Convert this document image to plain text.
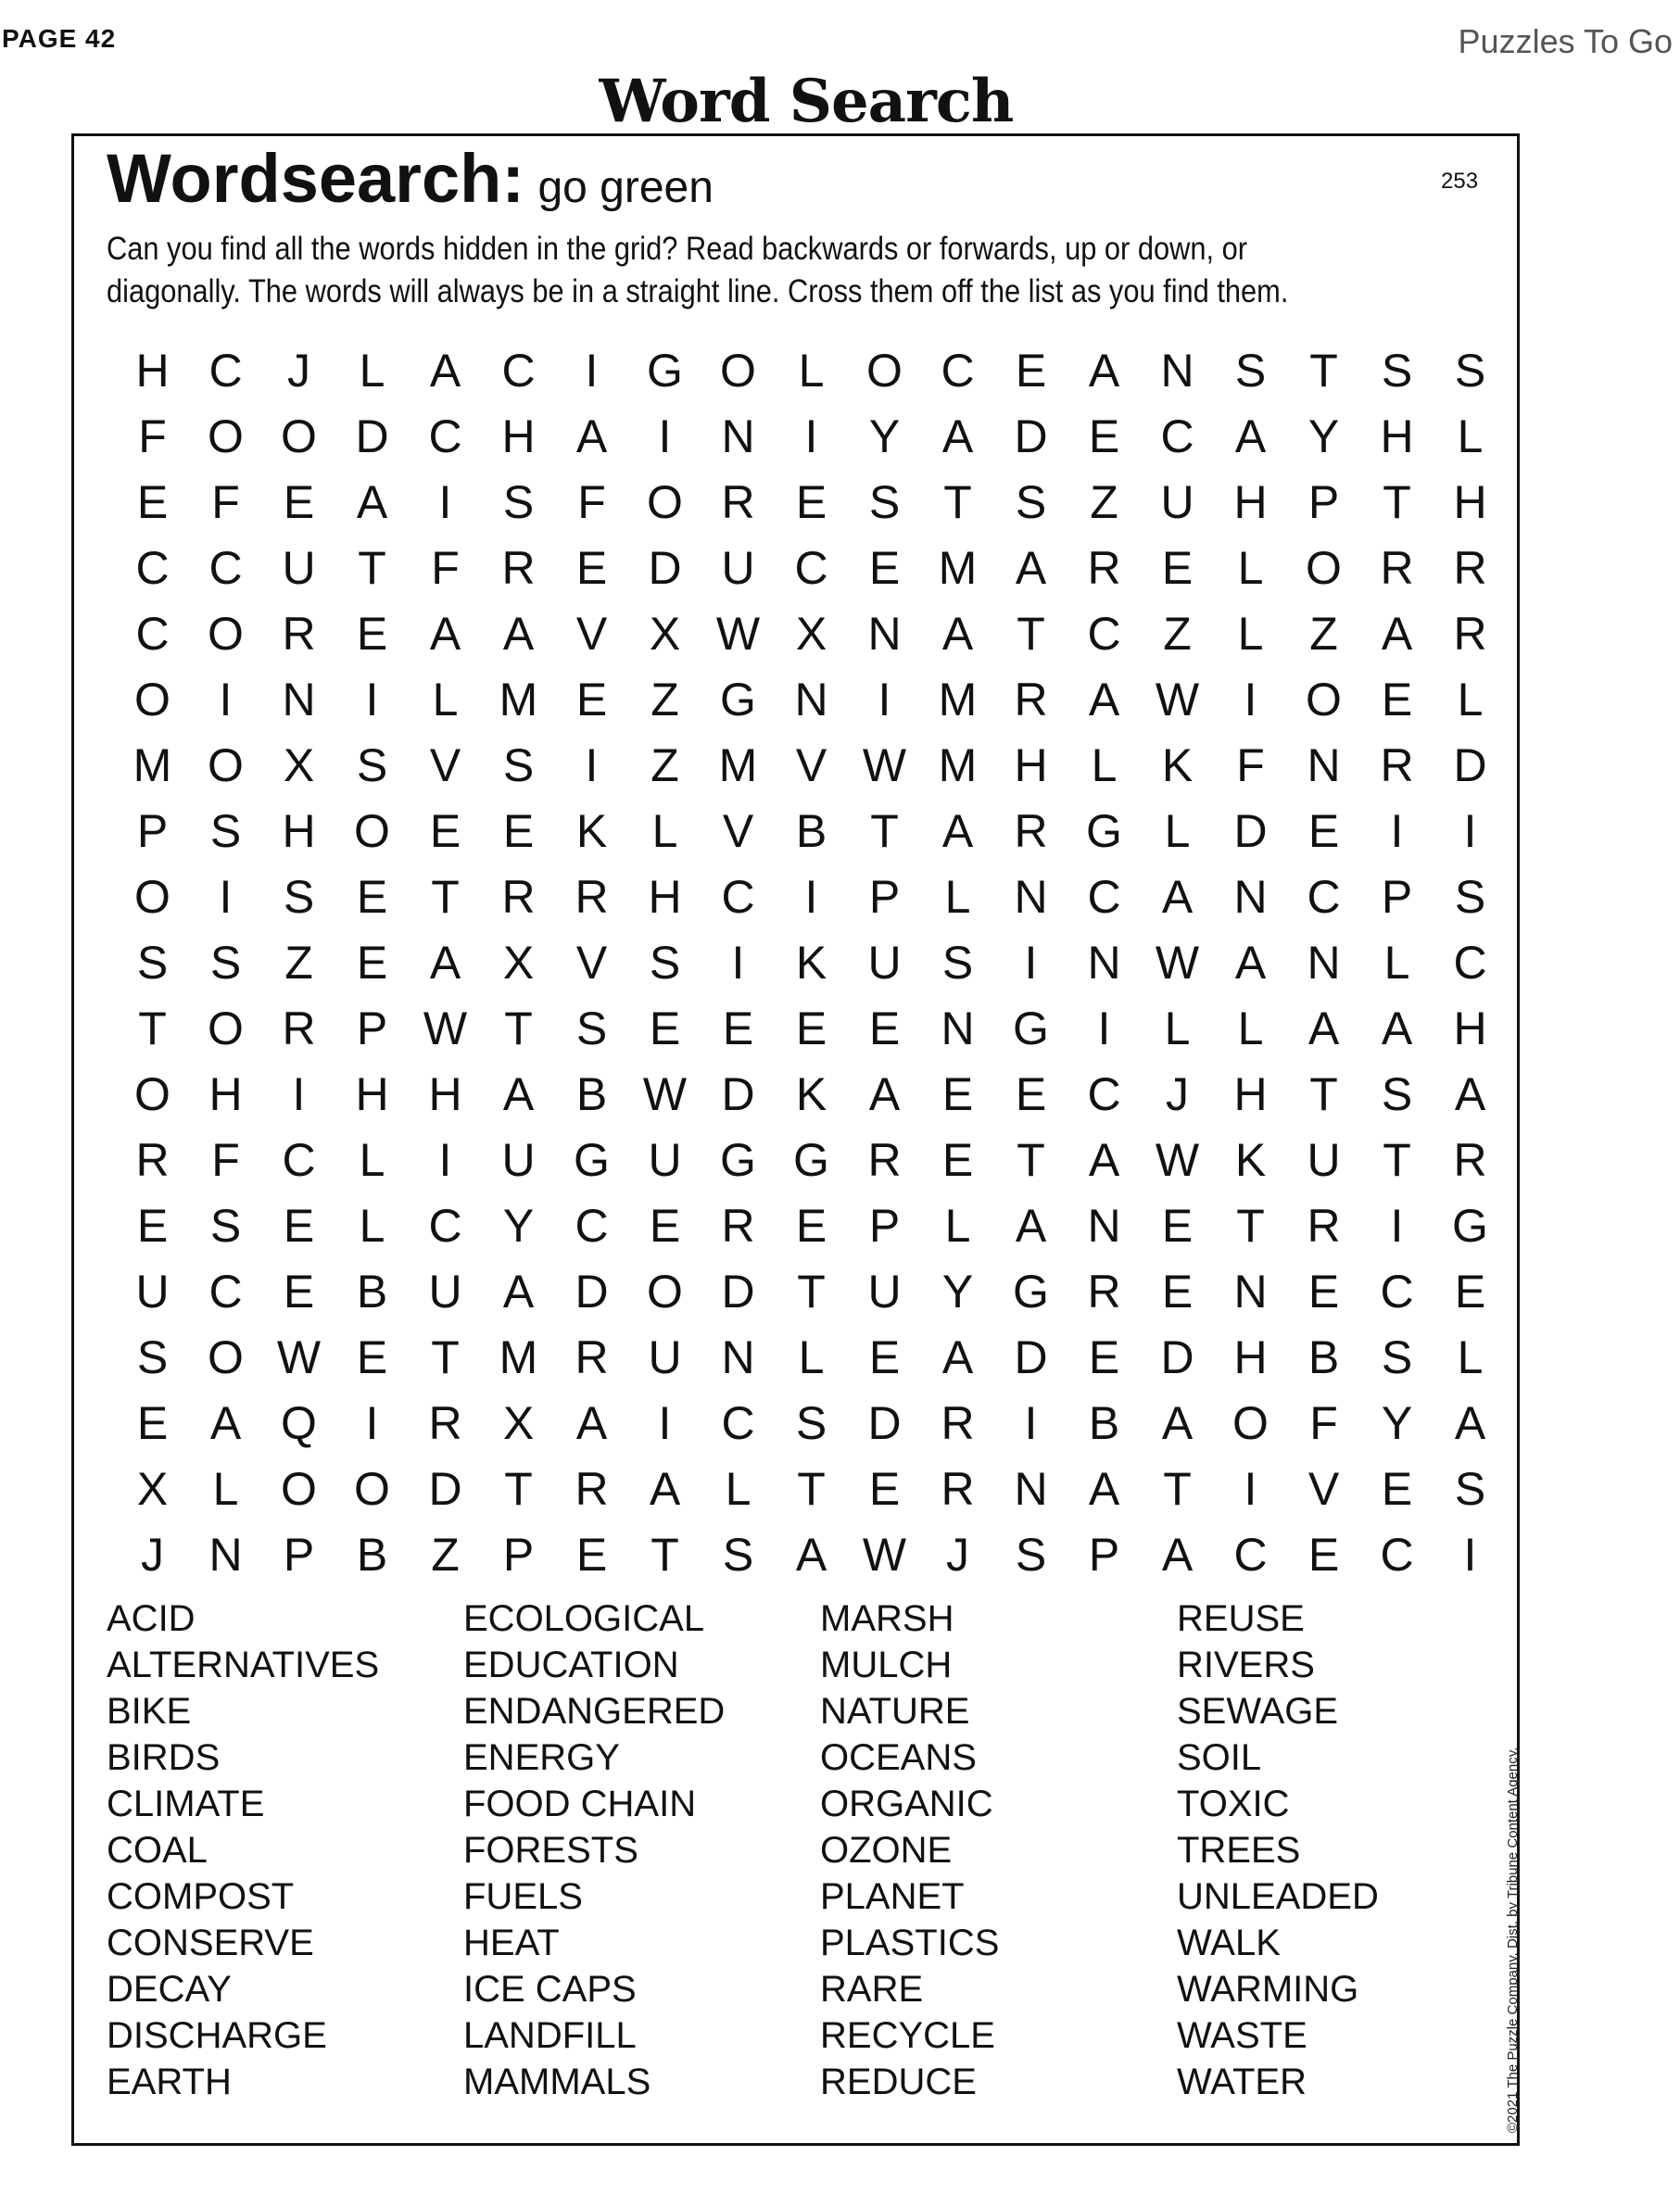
PAGE 42	Puzzles To Go
Word Search
Wordsearch: go green	253
Can you find all the words hidden in the grid? Read backwards or forwards, up or down, or diagonally. The words will always be in a straight line. Cross them off the list as you find them.
H C J	L A C	I	G O L O C E A N S T S S
F O O D C H A	I	N	I	Y A D E C A Y H L
E F E A	I	S F O R E S T S Z U H P T H
C C U T F R E D U C E M A R E L O R R
C O R E A A V X W X N A T C Z L Z A R
O	I	N	I	L M E Z G N	I	M R A W I	O E L
M O X S V S	I	Z M V W M H L K F N R D
P S H O E E K L V B T A R G L D E	I	I
O	I	S E T R R H C	I	P L N C A N C P S
S S Z E A X V S	I	K U S	I	N W A N L C
T O R P W T S E E E E N G	I	L	L A A H
O H	I	H H A B W D K A E E C J H T S A
R F C L	I	U G U G G R E T A W K U T R
E S E L C Y C E R E P L A N E T R	I	G
U C E B U A D O D T U Y G R E N E C E
S O W E T M R U N L E A D E D H B S L
E A Q	I	R X A	I	C S D R	I	B A O F Y A
X L O O D T R A L T E R N A T	I	V E S
J N P B Z P E T S A W J S P A C E C	I
ACID
ALTERNATIVES
BIKE
BIRDS
CLIMATE
COAL
COMPOST
CONSERVE
DECAY
DISCHARGE
EARTH
ECOLOGICAL
EDUCATION
ENDANGERED
ENERGY
FOOD CHAIN
FORESTS
FUELS
HEAT
ICE CAPS
LANDFILL
MAMMALS
MARSH
MULCH
NATURE
OCEANS
ORGANIC
OZONE
PLANET
PLASTICS
RARE
RECYCLE
REDUCE
REUSE
RIVERS
SEWAGE
SOIL
TOXIC
TREES
UNLEADED
WALK
WARMING
WASTE
WATER	©2021 The Puzzle Company. Dist. by Tribune Content Agency.
